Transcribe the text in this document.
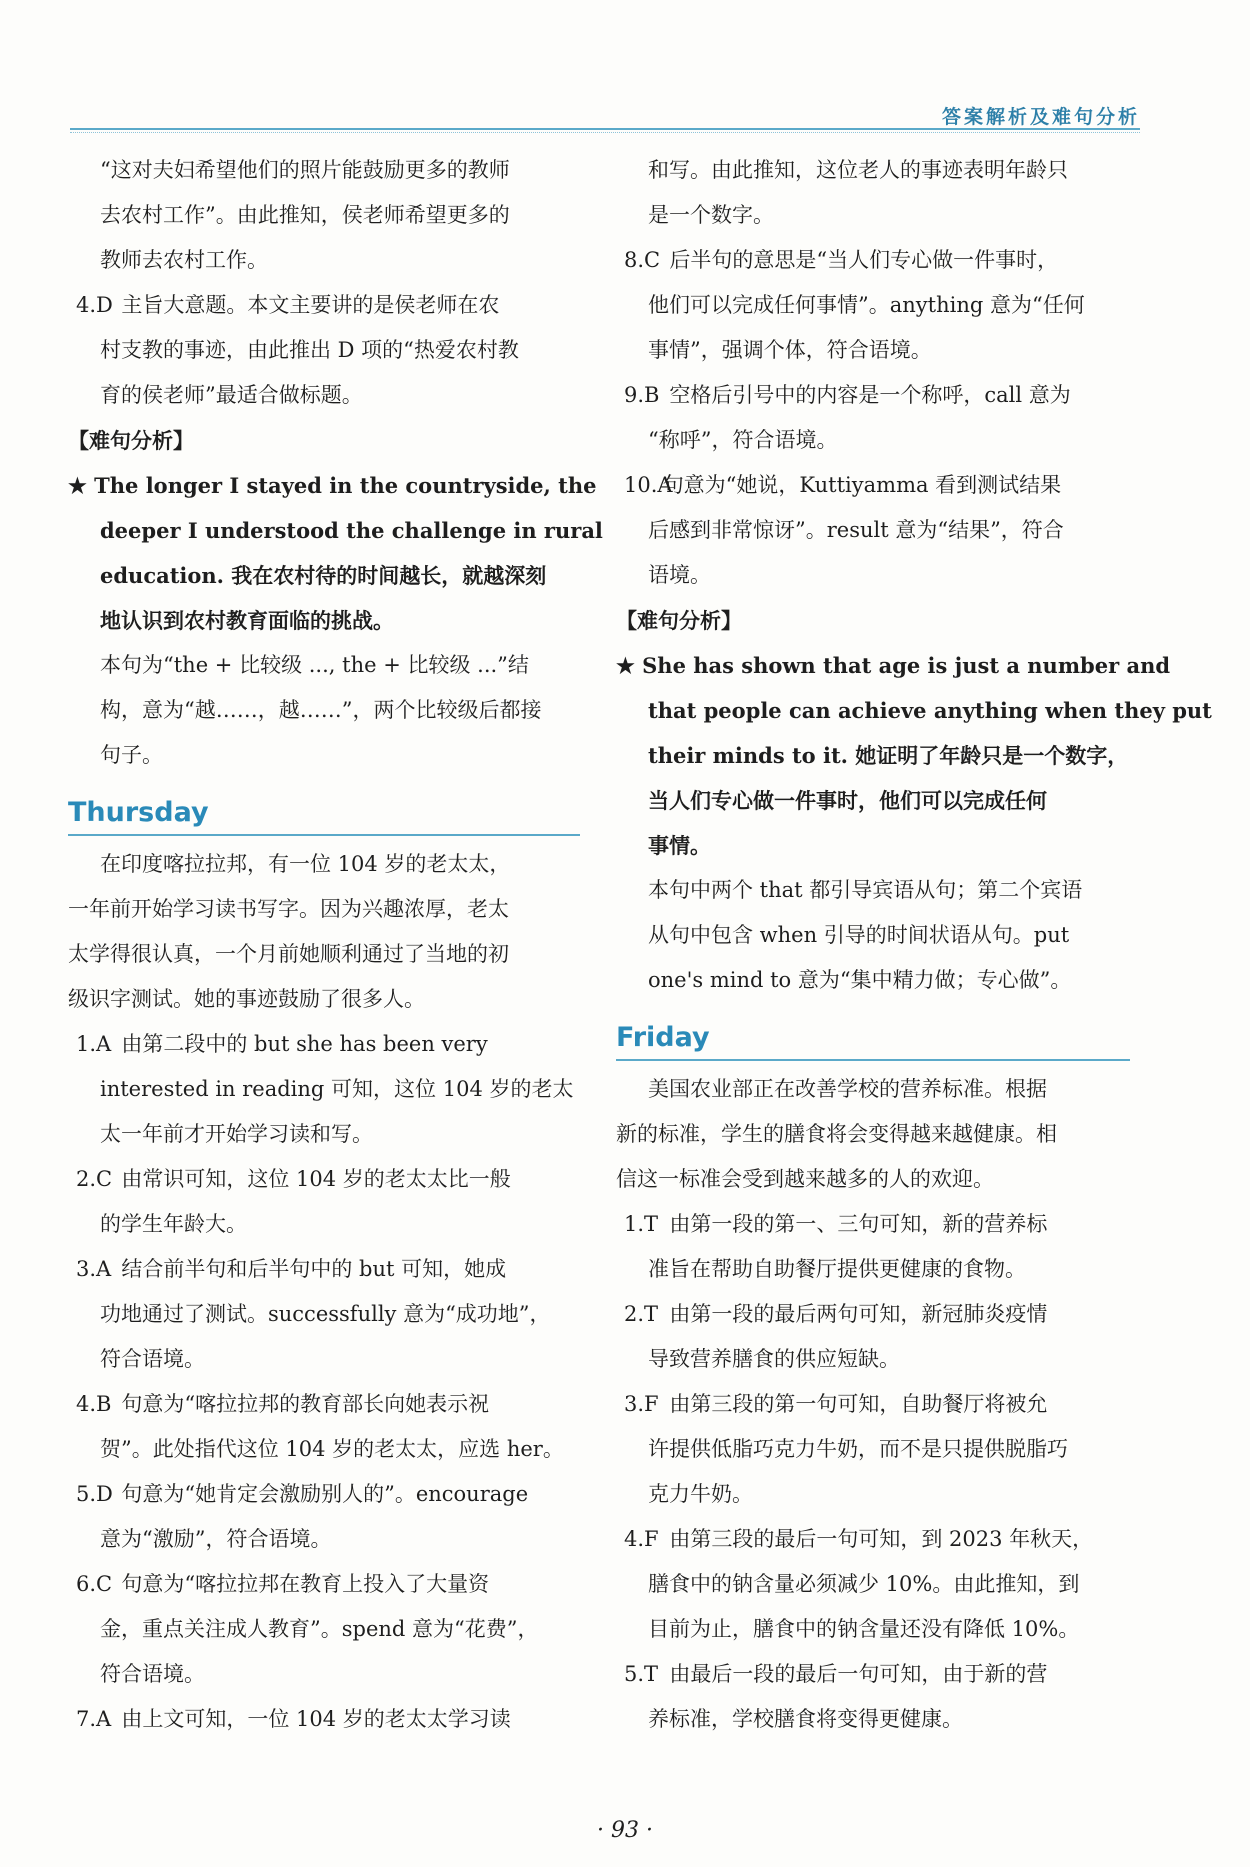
答案解析及难句分析
“这对夫妇希望他们的照片能鼓励更多的教师
去农村工作”。由此推知，侯老师希望更多的
教师去农村工作。
4.D 主旨大意题。本文主要讲的是侯老师在农
村支教的事迹，由此推出 D 项的“热爱农村教
育的侯老师”最适合做标题。
【难句分析】
★ The longer I stayed in the countryside, the
deeper I understood the challenge in rural
education. 我在农村待的时间越长，就越深刻
地认识到农村教育面临的挑战。
本句为“the + 比较级 ..., the + 比较级 ...”结
构，意为“越……，越……”，两个比较级后都接
句子。
Thursday
在印度喀拉拉邦，有一位 104 岁的老太太，
一年前开始学习读书写字。因为兴趣浓厚，老太
太学得很认真，一个月前她顺利通过了当地的初
级识字测试。她的事迹鼓励了很多人。
1.A 由第二段中的 but she has been very
interested in reading 可知，这位 104 岁的老太
太一年前才开始学习读和写。
2.C 由常识可知，这位 104 岁的老太太比一般
的学生年龄大。
3.A 结合前半句和后半句中的 but 可知，她成
功地通过了测试。successfully 意为“成功地”，
符合语境。
4.B 句意为“喀拉拉邦的教育部长向她表示祝
贺”。此处指代这位 104 岁的老太太，应选 her。
5.D 句意为“她肯定会激励别人的”。encourage
意为“激励”，符合语境。
6.C 句意为“喀拉拉邦在教育上投入了大量资
金，重点关注成人教育”。spend 意为“花费”，
符合语境。
7.A 由上文可知，一位 104 岁的老太太学习读
和写。由此推知，这位老人的事迹表明年龄只
是一个数字。
8.C 后半句的意思是“当人们专心做一件事时，
他们可以完成任何事情”。anything 意为“任何
事情”，强调个体，符合语境。
9.B 空格后引号中的内容是一个称呼，call 意为
“称呼”，符合语境。
10.A 句意为“她说，Kuttiyamma 看到测试结果
后感到非常惊讶”。result 意为“结果”，符合
语境。
【难句分析】
★ She has shown that age is just a number and
that people can achieve anything when they put
their minds to it. 她证明了年龄只是一个数字，
当人们专心做一件事时，他们可以完成任何
事情。
本句中两个 that 都引导宾语从句；第二个宾语
从句中包含 when 引导的时间状语从句。put
one's mind to 意为“集中精力做；专心做”。
Friday
美国农业部正在改善学校的营养标准。根据
新的标准，学生的膳食将会变得越来越健康。相
信这一标准会受到越来越多的人的欢迎。
1.T 由第一段的第一、三句可知，新的营养标
准旨在帮助自助餐厅提供更健康的食物。
2.T 由第一段的最后两句可知，新冠肺炎疫情
导致营养膳食的供应短缺。
3.F 由第三段的第一句可知，自助餐厅将被允
许提供低脂巧克力牛奶，而不是只提供脱脂巧
克力牛奶。
4.F 由第三段的最后一句可知，到 2023 年秋天，
膳食中的钠含量必须减少 10%。由此推知，到
目前为止，膳食中的钠含量还没有降低 10%。
5.T 由最后一段的最后一句可知，由于新的营
养标准，学校膳食将变得更健康。
· 93 ·
